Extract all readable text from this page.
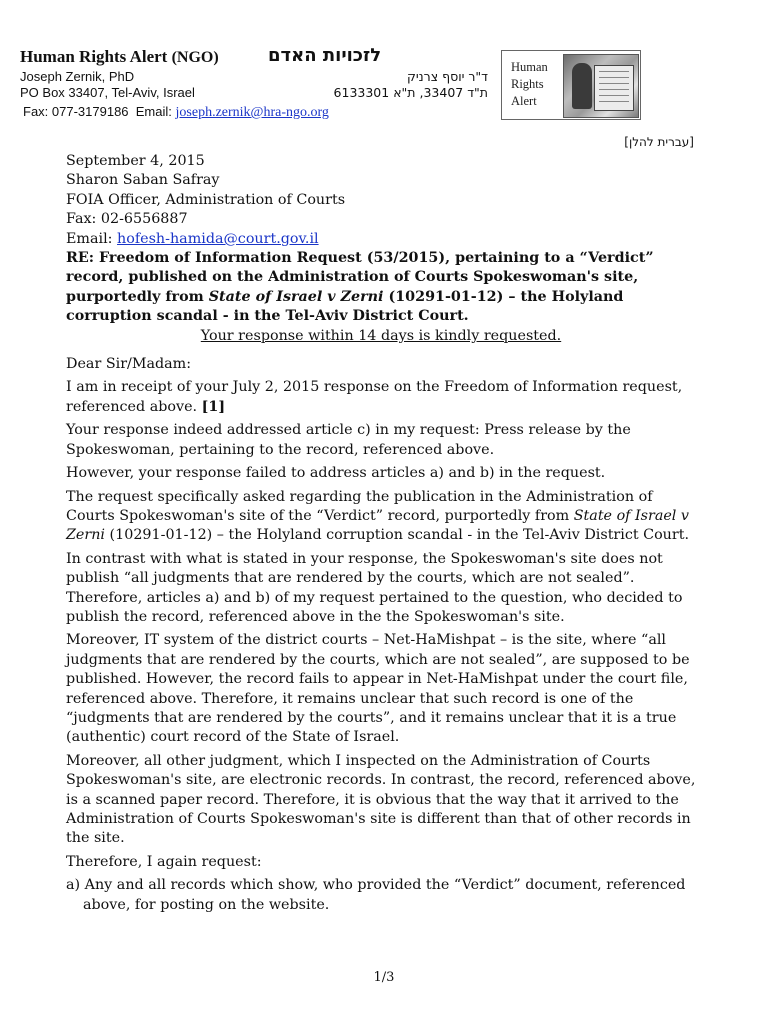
Human Rights Alert (NGO)	לזכויות האדם
Joseph Zernik, PhD	ד"ר יוסף צרניק
PO Box 33407, Tel-Aviv, Israel	ת"ד 33407, ת"א 6133301
Fax: 077-3179186 Email: joseph.zernik@hra-ngo.org
Human
Rights
Alert
[עברית להלן]

September 4, 2015

Sharon Saban Safray

FOIA Officer, Administration of Courts

Fax: 02-6556887

Email: hofesh-hamida@court.gov.il

RE: Freedom of Information Request (53/2015), pertaining to a “Verdict” record, published on the Administration of Courts Spokeswoman's site, purportedly from State of Israel v Zerni (10291-01-12) – the Holyland corruption scandal - in the Tel-Aviv District Court.

Your response within 14 days is kindly requested.

Dear Sir/Madam:

I am in receipt of your July 2, 2015 response on the Freedom of Information request, referenced above. [1]

Your response indeed addressed article c) in my request: Press release by the Spokeswoman, pertaining to the record, referenced above.

However, your response failed to address articles a) and b) in the request.

The request specifically asked regarding the publication in the Administration of Courts Spokeswoman's site of the “Verdict” record, purportedly from State of Israel v Zerni (10291-01-12) – the Holyland corruption scandal - in the Tel-Aviv District Court.

In contrast with what is stated in your response, the Spokeswoman's site does not publish “all judgments that are rendered by the courts, which are not sealed”. Therefore, articles a) and b) of my request pertained to the question, who decided to publish the record, referenced above in the the Spokeswoman's site.

Moreover, IT system of the district courts – Net-HaMishpat – is the site, where “all judgments that are rendered by the courts, which are not sealed”, are supposed to be published. However, the record fails to appear in Net-HaMishpat under the court file, referenced above. Therefore, it remains unclear that such record is one of the “judgments that are rendered by the courts”, and it remains unclear that it is a true (authentic) court record of the State of Israel.

Moreover, all other judgment, which I inspected on the Administration of Courts Spokeswoman's site, are electronic records. In contrast, the record, referenced above, is a scanned paper record. Therefore, it is obvious that the way that it arrived to the Administration of Courts Spokeswoman's site is different than that of other records in the site.

Therefore, I again request:

a) Any and all records which show, who provided the “Verdict” document, referenced above, for posting on the website.

1/3
